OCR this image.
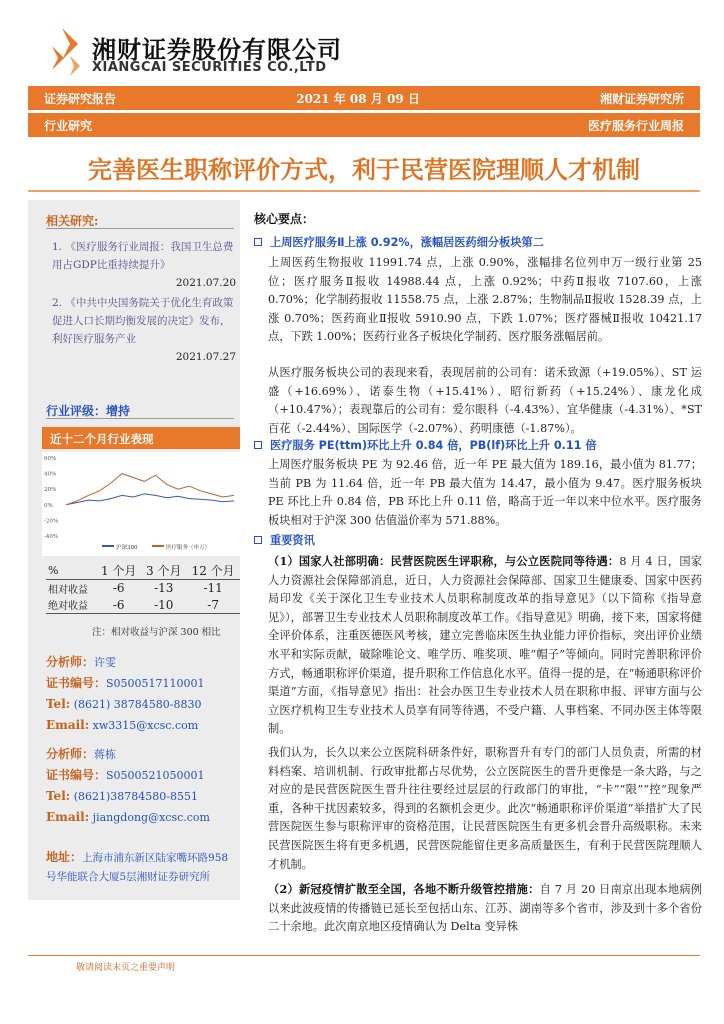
湘财证券股份有限公司
XIANGCAI SECURITIES CO.,LTD
证券研究报告	2021 年 08 月 09 日	湘财证券研究所
行业研究	医疗服务行业周报
完善医生职称评价方式，利于民营医院理顺人才机制
相关研究:
1. 《医疗服务行业周报：我国卫生总费用占GDP比重持续提升》
2021.07.20
2. 《中共中央国务院关于优化生育政策促进人口长期均衡发展的决定》发布，利好医疗服务产业
2021.07.27
行业评级：增持
近十二个月行业表现
60%
40%
20%
0%
-20%
-40%
沪深300	医疗服务（申万）
%	1 个月	3 个月	12 个月
相对收益	-6	-13	-11
绝对收益	-6	-10	-7
注：相对收益与沪深 300 相比
分析师：许雯
证书编号：S0500517110001
Tel: (8621) 38784580-8830
Email: xw3315@xcsc.com
分析师：蒋栋
证书编号：S0500521050001
Tel: (8621)38784580-8551
Email: jiangdong@xcsc.com
地址：上海市浦东新区陆家嘴环路958号华能联合大厦5层湘财证券研究所
核心要点：
上周医疗服务Ⅱ上涨 0.92%，涨幅居医药细分板块第二
上周医药生物报收 11991.74 点，上涨 0.90%，涨幅排名位列申万一级行业第 25 位；医疗服务Ⅱ报收 14988.44 点，上涨 0.92%；中药Ⅱ报收 7107.60，上涨 0.70%；化学制药报收 11558.75 点，上涨 2.87%；生物制品Ⅱ报收 1528.39 点，上涨 0.70%；医药商业Ⅱ报收 5910.90 点，下跌 1.07%；医疗器械Ⅱ报收 10421.17 点，下跌 1.00%；医药行业各子板块化学制药、医疗服务涨幅居前。
从医疗服务板块公司的表现来看，表现居前的公司有：诺禾致源（+19.05%）、ST 运盛（+16.69%）、诺泰生物（+15.41%）、昭衍新药（+15.24%）、康龙化成（+10.47%）；表现靠后的公司有：爱尔眼科（-4.43%）、宜华健康（-4.31%）、*ST 百花（-2.44%）、国际医学（-2.07%）、药明康德（-1.87%）。
医疗服务 PE(ttm)环比上升 0.84 倍，PB(lf)环比上升 0.11 倍
上周医疗服务板块 PE 为 92.46 倍，近一年 PE 最大值为 189.16，最小值为 81.77；当前 PB 为 11.64 倍，近一年 PB 最大值为 14.47，最小值为 9.47。医疗服务板块 PE 环比上升 0.84 倍，PB 环比上升 0.11 倍，略高于近一年以来中位水平。医疗服务板块相对于沪深 300 估值溢价率为 571.88%。
重要资讯
（1）国家人社部明确：民营医院医生评职称，与公立医院同等待遇：8 月 4 日，国家人力资源社会保障部消息，近日，人力资源社会保障部、国家卫生健康委、国家中医药局印发《关于深化卫生专业技术人员职称制度改革的指导意见》（以下简称《指导意见》），部署卫生专业技术人员职称制度改革工作。《指导意见》明确，接下来，国家将健全评价体系，注重医德医风考核，建立完善临床医生执业能力评价指标，突出评价业绩水平和实际贡献，破除唯论文、唯学历、唯奖项、唯“帽子”等倾向。同时完善职称评价方式，畅通职称评价渠道，提升职称工作信息化水平。值得一提的是，在“畅通职称评价渠道”方面，《指导意见》指出：社会办医卫生专业技术人员在职称申报、评审方面与公立医疗机构卫生专业技术人员享有同等待遇，不受户籍、人事档案、不同办医主体等限制。
我们认为，长久以来公立医院科研条件好，职称晋升有专门的部门人员负责，所需的材料档案、培训机制、行政审批都占尽优势，公立医院医生的晋升更像是一条大路，与之对应的是民营医院医生晋升往往要经过层层的行政部门的审批，“卡”“限”“控”现象严重，各种干扰因素较多，得到的名额机会更少。此次“畅通职称评价渠道”举措扩大了民营医院医生参与职称评审的资格范围，让民营医院医生有更多机会晋升高级职称。未来民营医院医生将有更多机遇，民营医院能留住更多高质量医生，有利于民营医院理顺人才机制。
（2）新冠疫情扩散至全国，各地不断升级管控措施：自 7 月 20 日南京出现本地病例以来此波疫情的传播链已延长至包括山东、江苏、湖南等多个省市，涉及到十多个省份二十余地。此次南京地区疫情确认为 Delta 变异株
敬请阅读末页之重要声明
